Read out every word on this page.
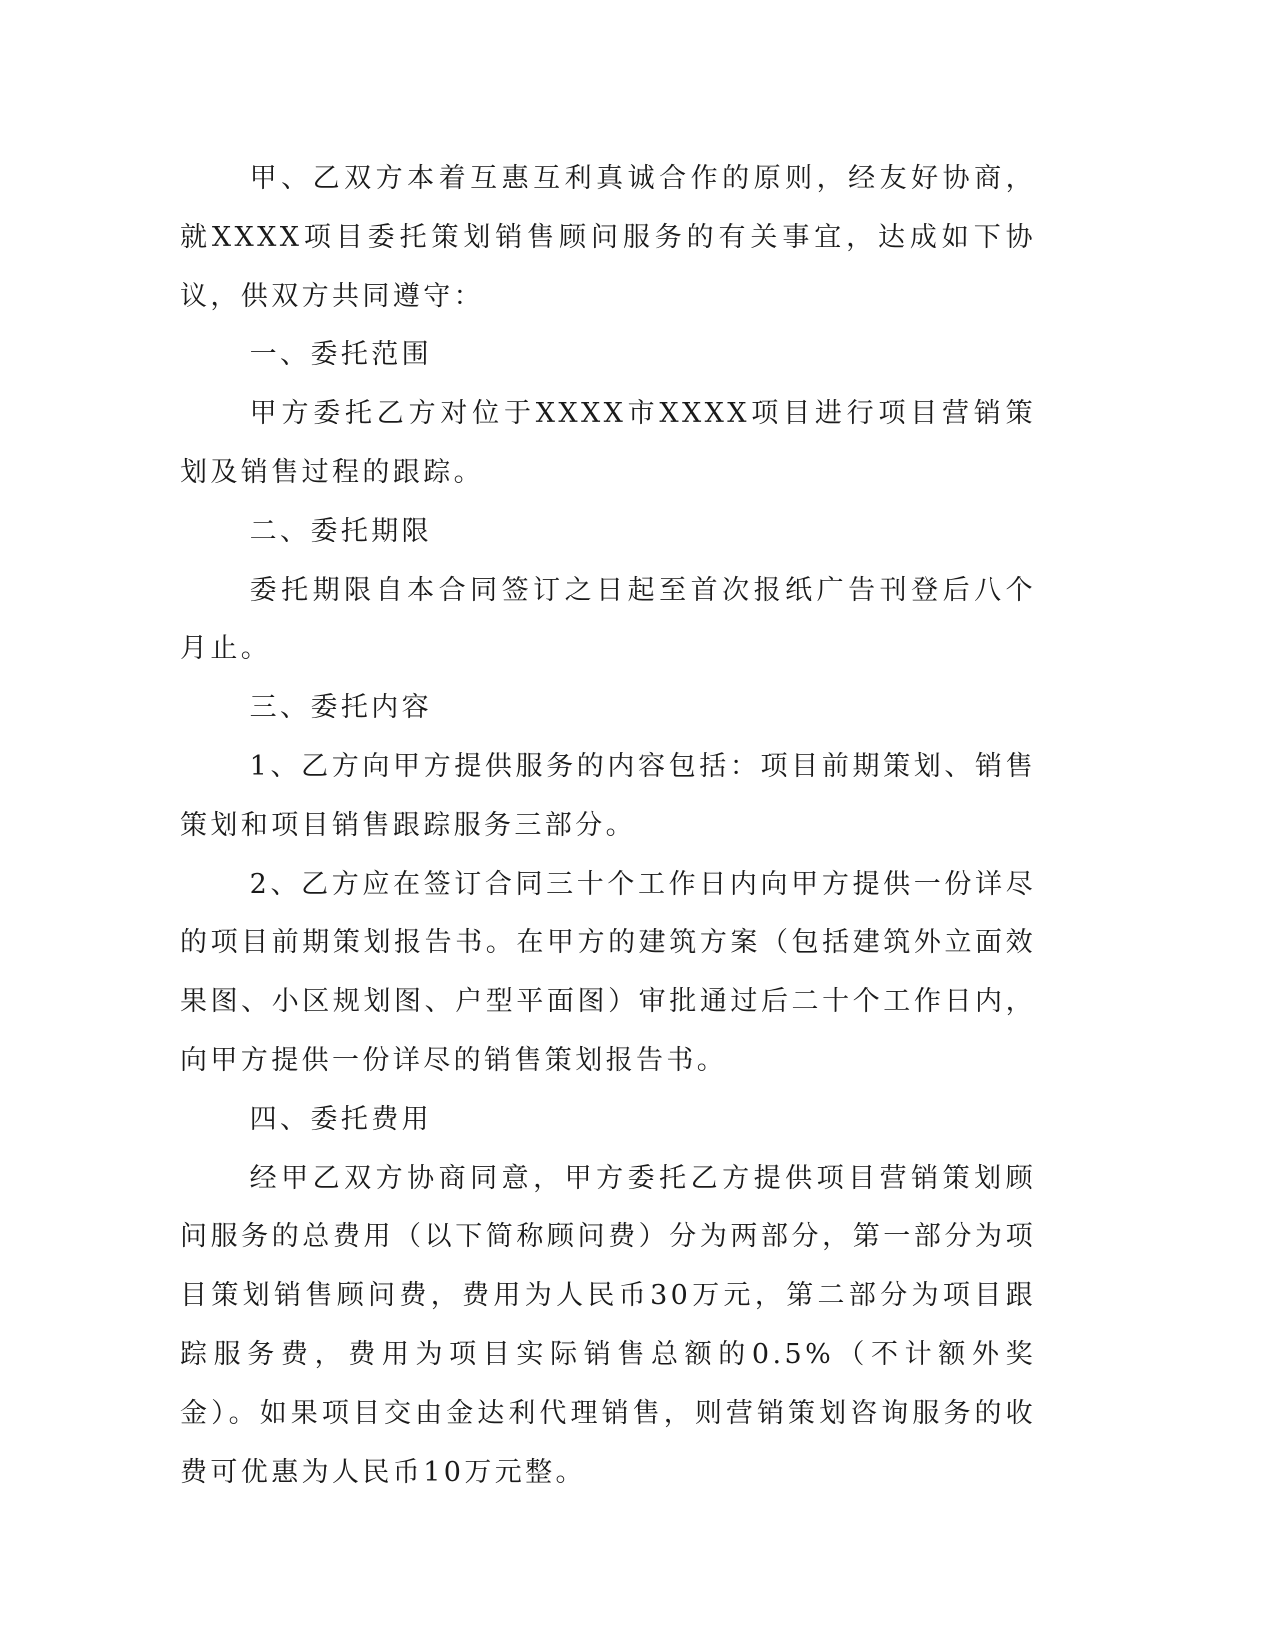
甲、乙双方本着互惠互利真诚合作的原则，经友好协商，就XXXX项目委托策划销售顾问服务的有关事宜，达成如下协议，供双方共同遵守：

一、委托范围

甲方委托乙方对位于XXXX市XXXX项目进行项目营销策划及销售过程的跟踪。

二、委托期限

委托期限自本合同签订之日起至首次报纸广告刊登后八个月止。

三、委托内容

1、乙方向甲方提供服务的内容包括：项目前期策划、销售策划和项目销售跟踪服务三部分。

2、乙方应在签订合同三十个工作日内向甲方提供一份详尽的项目前期策划报告书。在甲方的建筑方案（包括建筑外立面效果图、小区规划图、户型平面图）审批通过后二十个工作日内，向甲方提供一份详尽的销售策划报告书。

四、委托费用

经甲乙双方协商同意，甲方委托乙方提供项目营销策划顾问服务的总费用（以下简称顾问费）分为两部分，第一部分为项目策划销售顾问费，费用为人民币30万元，第二部分为项目跟踪服务费，费用为项目实际销售总额的0.5%（不计额外奖金）。如果项目交由金达利代理销售，则营销策划咨询服务的收费可优惠为人民币10万元整。
